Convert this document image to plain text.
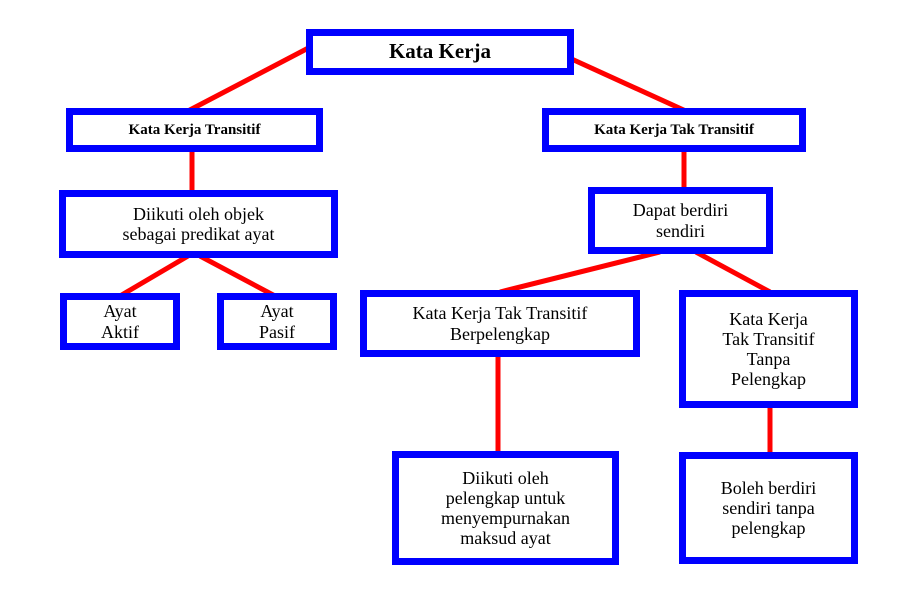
Kata Kerja
Kata Kerja Transitif	Kata Kerja Tak Transitif
Diikuti oleh objek
sebagai predikat ayat
Dapat berdiri
sendiri
Ayat
Aktif
Ayat
Pasif
Kata Kerja Tak Transitif
Berpelengkap
Kata Kerja
Tak Transitif
Tanpa
Pelengkap
Diikuti oleh
pelengkap untuk
menyempurnakan
maksud ayat
Boleh berdiri
sendiri tanpa
pelengkap
